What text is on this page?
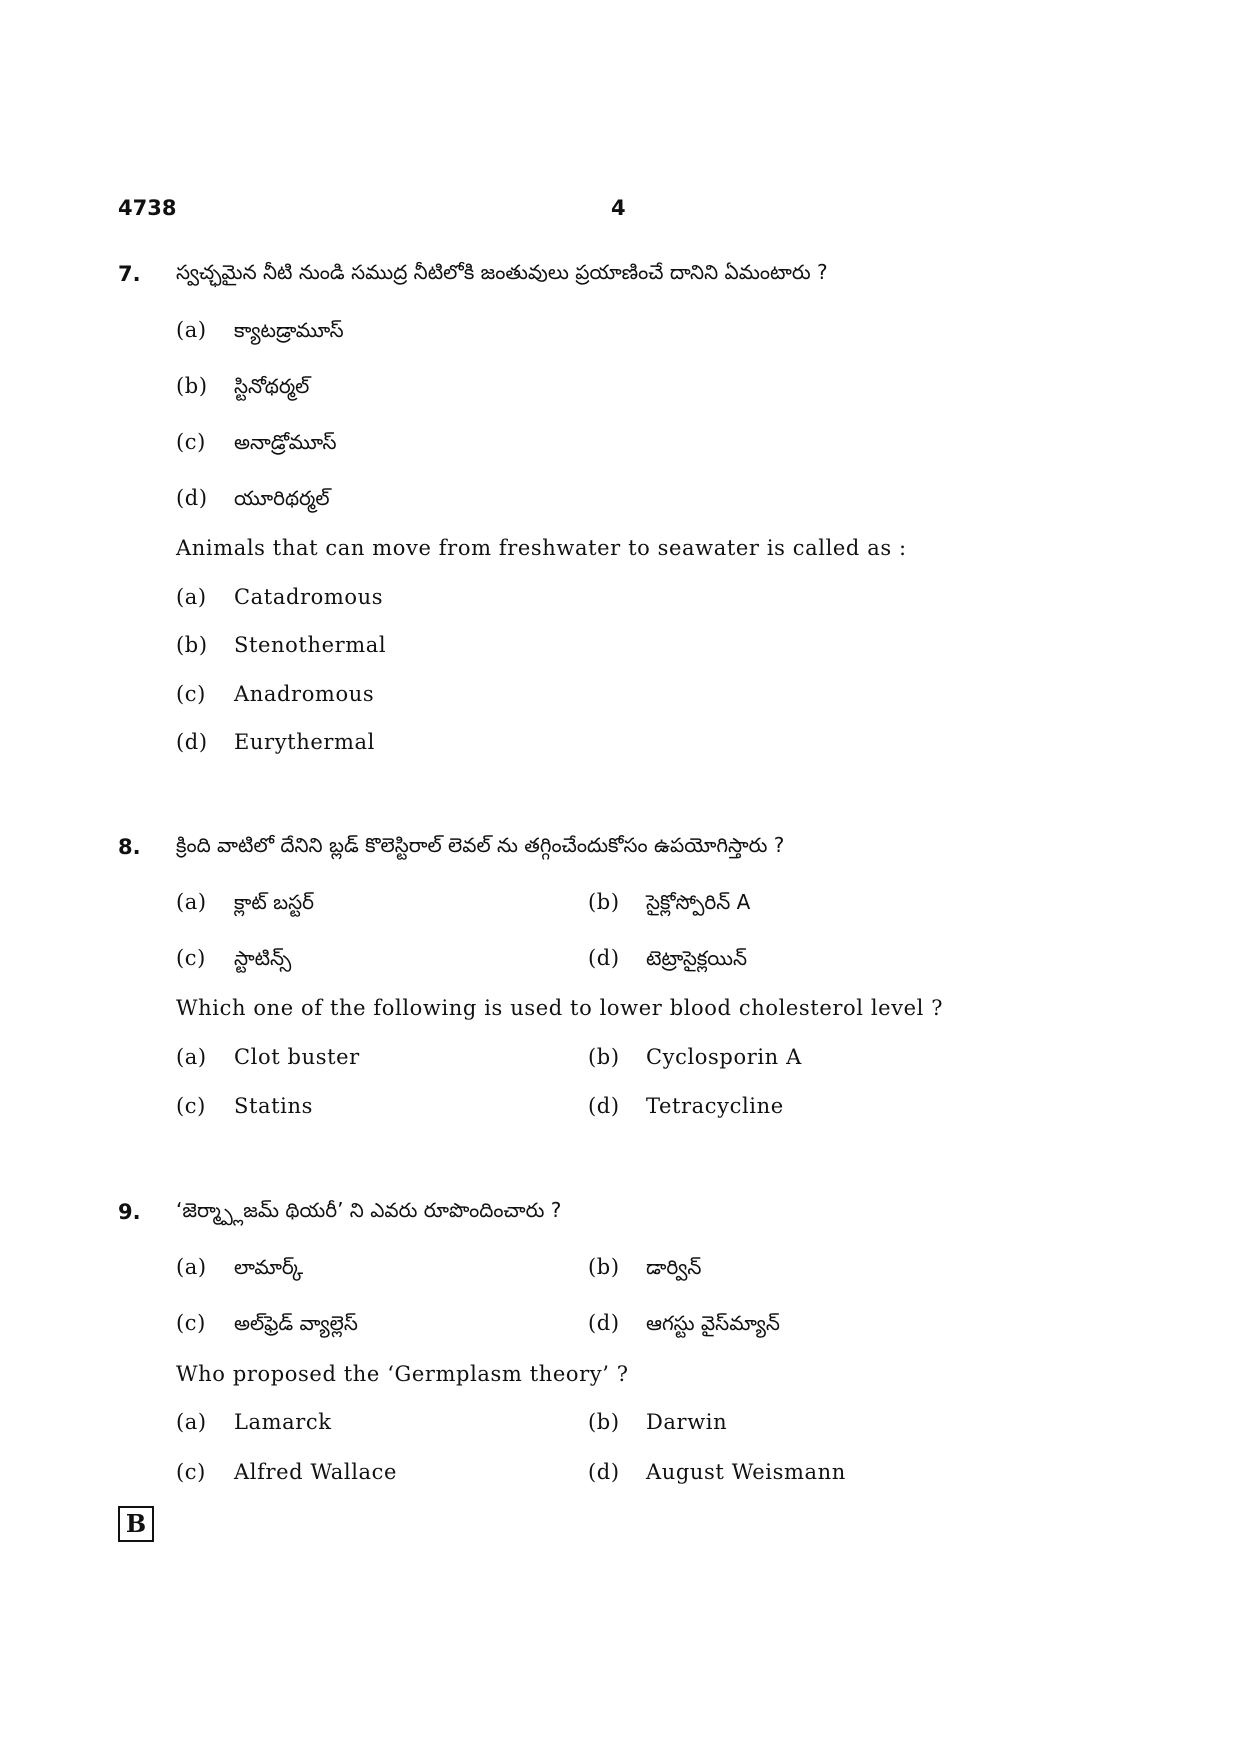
4738	4
7. స్వచ్ఛమైన నీటి నుండి సముద్ర నీటిలోకి జంతువులు ప్రయాణించే దానిని ఏమంటారు ?
(a) క్యాటడ్రామూస్
(b) స్టినోథర్మల్
(c) అనాడ్రోమూస్
(d) యూరిథర్మల్
Animals that can move from freshwater to seawater is called as :
(a) Catadromous
(b) Stenothermal
(c) Anadromous
(d) Eurythermal
8. క్రింది వాటిలో దేనిని బ్లడ్ కొలెస్టిరాల్ లెవల్ ను తగ్గించేందుకోసం ఉపయోగిస్తారు ?
(a) క్లాట్ బస్టర్	(b) సైక్లోస్పోరిన్ A
(c) స్టాటిన్స్	(d) టెట్రాసైక్లయిన్
Which one of the following is used to lower blood cholesterol level ?
(a) Clot buster	(b) Cyclosporin A
(c) Statins	(d) Tetracycline
9. ‘జెర్మ్ప్లాజమ్ థియరీ’ ని ఎవరు రూపొందించారు ?
(a) లామార్క్	(b) డార్విన్
(c) అల్‌ఫ్రెడ్ వ్యాల్లెస్	(d) ఆగస్టు వైస్‌మ్యాన్
Who proposed the ‘Germplasm theory’ ?
(a) Lamarck	(b) Darwin
(c) Alfred Wallace	(d) August Weismann
B
